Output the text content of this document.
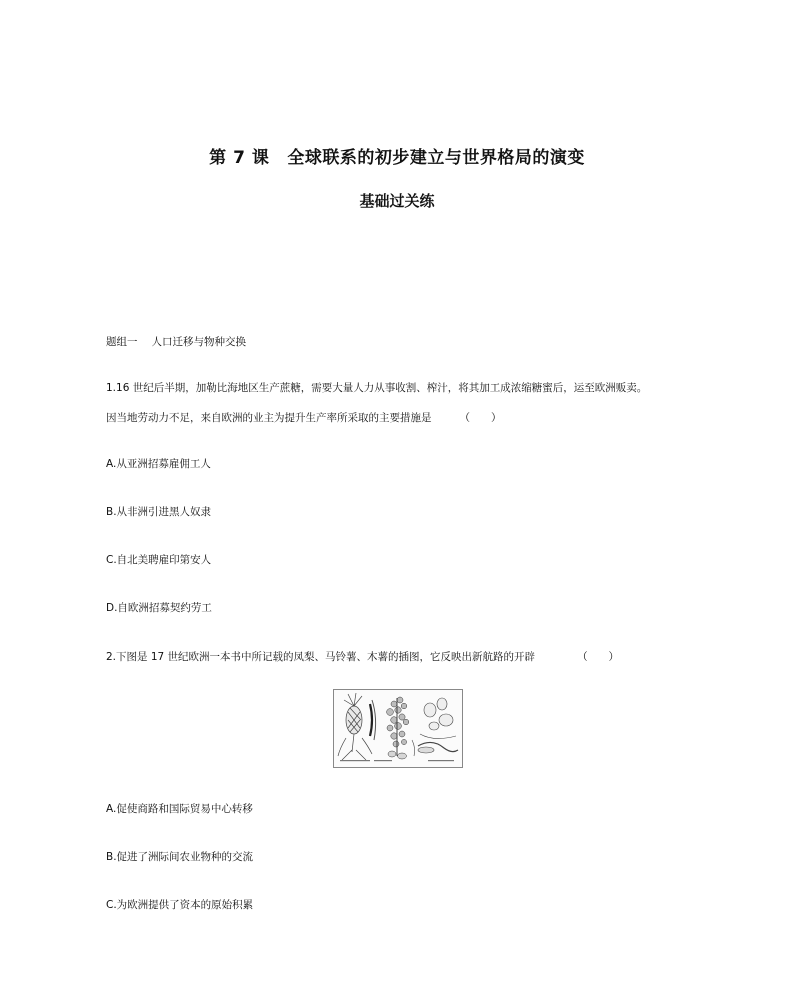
第 7 课 全球联系的初步建立与世界格局的演变
基础过关练
题组一 人口迁移与物种交换
1.16 世纪后半期，加勒比海地区生产蔗糖，需要大量人力从事收割、榨汁，将其加工成浓缩糖蜜后，运至欧洲贩卖。
因当地劳动力不足，来自欧洲的业主为提升生产率所采取的主要措施是	（　　）
A.从亚洲招募雇佣工人
B.从非洲引进黑人奴隶
C.自北美聘雇印第安人
D.自欧洲招募契约劳工
2.下图是 17 世纪欧洲一本书中所记载的凤梨、马铃薯、木薯的插图，它反映出新航路的开辟	（　　）
A.促使商路和国际贸易中心转移
B.促进了洲际间农业物种的交流
C.为欧洲提供了资本的原始积累
